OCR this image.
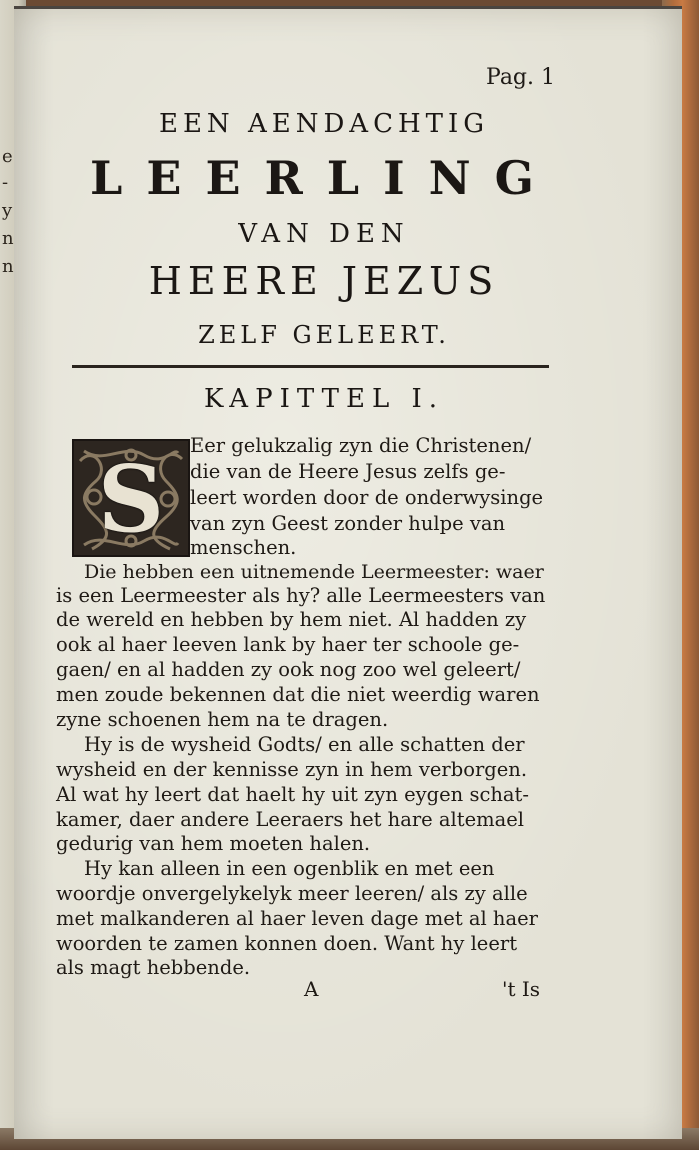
e
-
y
n
n
Pag. 1
EEN AENDACHTIG
LEERLING
VAN DEN
HEERE JEZUS
ZELF GELEERT.
KAPITTEL I.
S	Eer gelukzalig zyn die Christenen/
die van de Heere Jesus zelfs ge-
leert worden door de onderwysinge
van zyn Geest zonder hulpe van
menschen.
Die hebben een uitnemende Leermeester: waer
is een Leermeester als hy? alle Leermeesters van
de wereld en hebben by hem niet. Al hadden zy
ook al haer leeven lank by haer ter schoole ge-
gaen/ en al hadden zy ook nog zoo wel geleert/
men zoude bekennen dat die niet weerdig waren
zyne schoenen hem na te dragen.
Hy is de wysheid Godts/ en alle schatten der
wysheid en der kennisse zyn in hem verborgen.
Al wat hy leert dat haelt hy uit zyn eygen schat-
kamer, daer andere Leeraers het hare altemael
gedurig van hem moeten halen.
Hy kan alleen in een ogenblik en met een
woordje onvergelykelyk meer leeren/ als zy alle
met malkanderen al haer leven dage met al haer
woorden te zamen konnen doen. Want hy leert
als magt hebbende.
A	't Is
